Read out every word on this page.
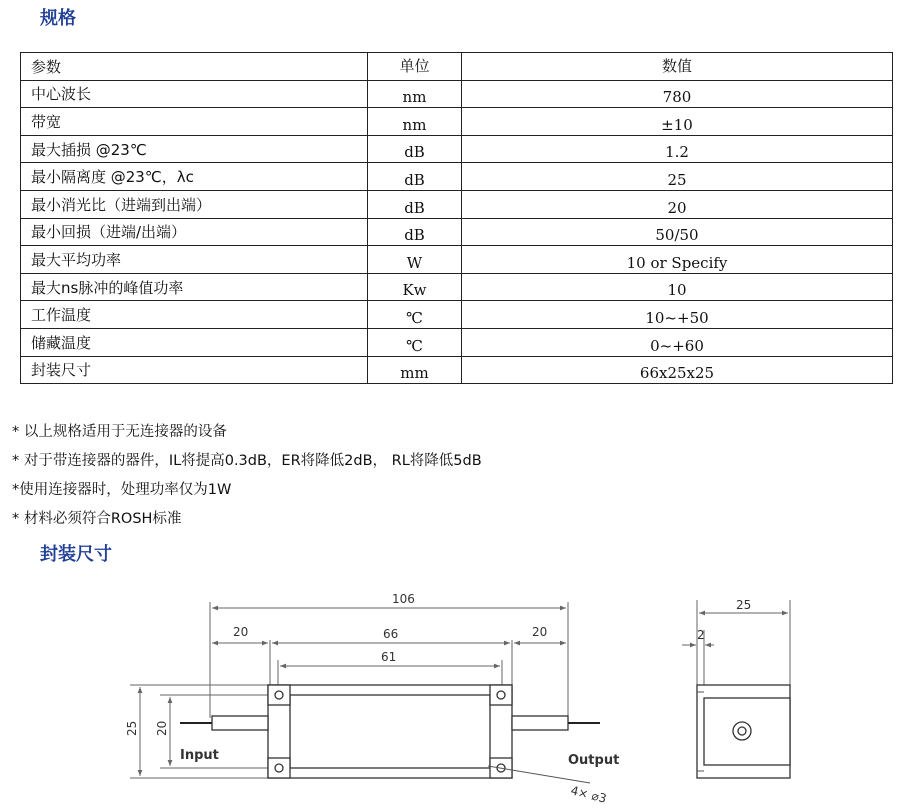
规格
参数	单位	数值
中心波长	nm	780
带宽	nm	±10
最大插损 @23℃	dB	1.2
最小隔离度 @23℃，λc	dB	25
最小消光比（进端到出端）	dB	20
最小回损（进端/出端）	dB	50/50
最大平均功率	W	10 or Specify
最大ns脉冲的峰值功率	Kw	10
工作温度	℃	10~+50
储藏温度	℃	0~+60
封装尺寸	mm	66x25x25
* 以上规格适用于无连接器的设备
* 对于带连接器的器件，IL将提高0.3dB，ER将降低2dB， RL将降低5dB
*使用连接器时，处理功率仅为1W
* 材料必须符合ROSH标准
封装尺寸
106
20	66	20
61
25 20
25
2
4× ⌀3
Input	Output
